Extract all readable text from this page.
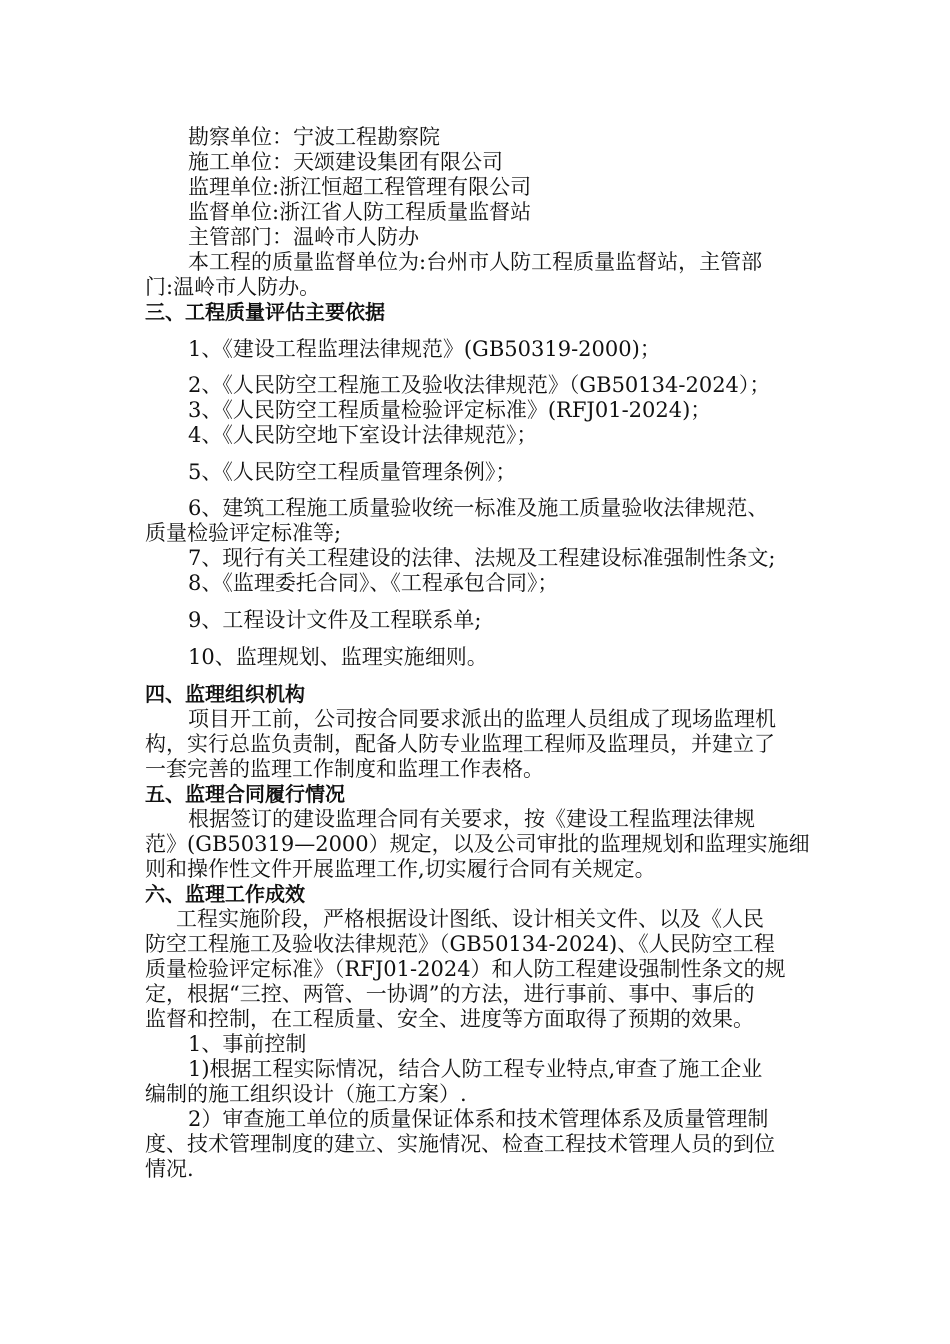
勘察单位：宁波工程勘察院
施工单位：天颂建设集团有限公司
监理单位:浙江恒超工程管理有限公司
监督单位:浙江省人防工程质量监督站
主管部门：温岭市人防办
本工程的质量监督单位为:台州市人防工程质量监督站，主管部
门:温岭市人防办。
三、工程质量评估主要依据
1、《建设工程监理法律规范》(GB50319-2000)；
2、《人民防空工程施工及验收法律规范》（GB50134-2024）；
3、《人民防空工程质量检验评定标准》(RFJ01-2024)；
4、《人民防空地下室设计法律规范》；
5、《人民防空工程质量管理条例》；
6、建筑工程施工质量验收统一标准及施工质量验收法律规范、
质量检验评定标准等;
7、现行有关工程建设的法律、法规及工程建设标准强制性条文;
8、《监理委托合同》、《工程承包合同》；
9、工程设计文件及工程联系单;
10、监理规划、监理实施细则。
四、监理组织机构
项目开工前，公司按合同要求派出的监理人员组成了现场监理机
构，实行总监负责制，配备人防专业监理工程师及监理员，并建立了
一套完善的监理工作制度和监理工作表格。
五、监理合同履行情况
根据签订的建设监理合同有关要求，按《建设工程监理法律规
范》(GB50319—2000）规定，以及公司审批的监理规划和监理实施细
则和操作性文件开展监理工作,切实履行合同有关规定。
六、监理工作成效
工程实施阶段，严格根据设计图纸、设计相关文件、以及《人民
防空工程施工及验收法律规范》（GB50134-2024)、《人民防空工程
质量检验评定标准》（RFJ01-2024）和人防工程建设强制性条文的规
定，根据“三控、两管、一协调”的方法，进行事前、事中、事后的
监督和控制，在工程质量、安全、进度等方面取得了预期的效果。
1、事前控制
1)根据工程实际情况，结合人防工程专业特点,审查了施工企业
编制的施工组织设计（施工方案）.
2）审查施工单位的质量保证体系和技术管理体系及质量管理制
度、技术管理制度的建立、实施情况、检查工程技术管理人员的到位
情况.
